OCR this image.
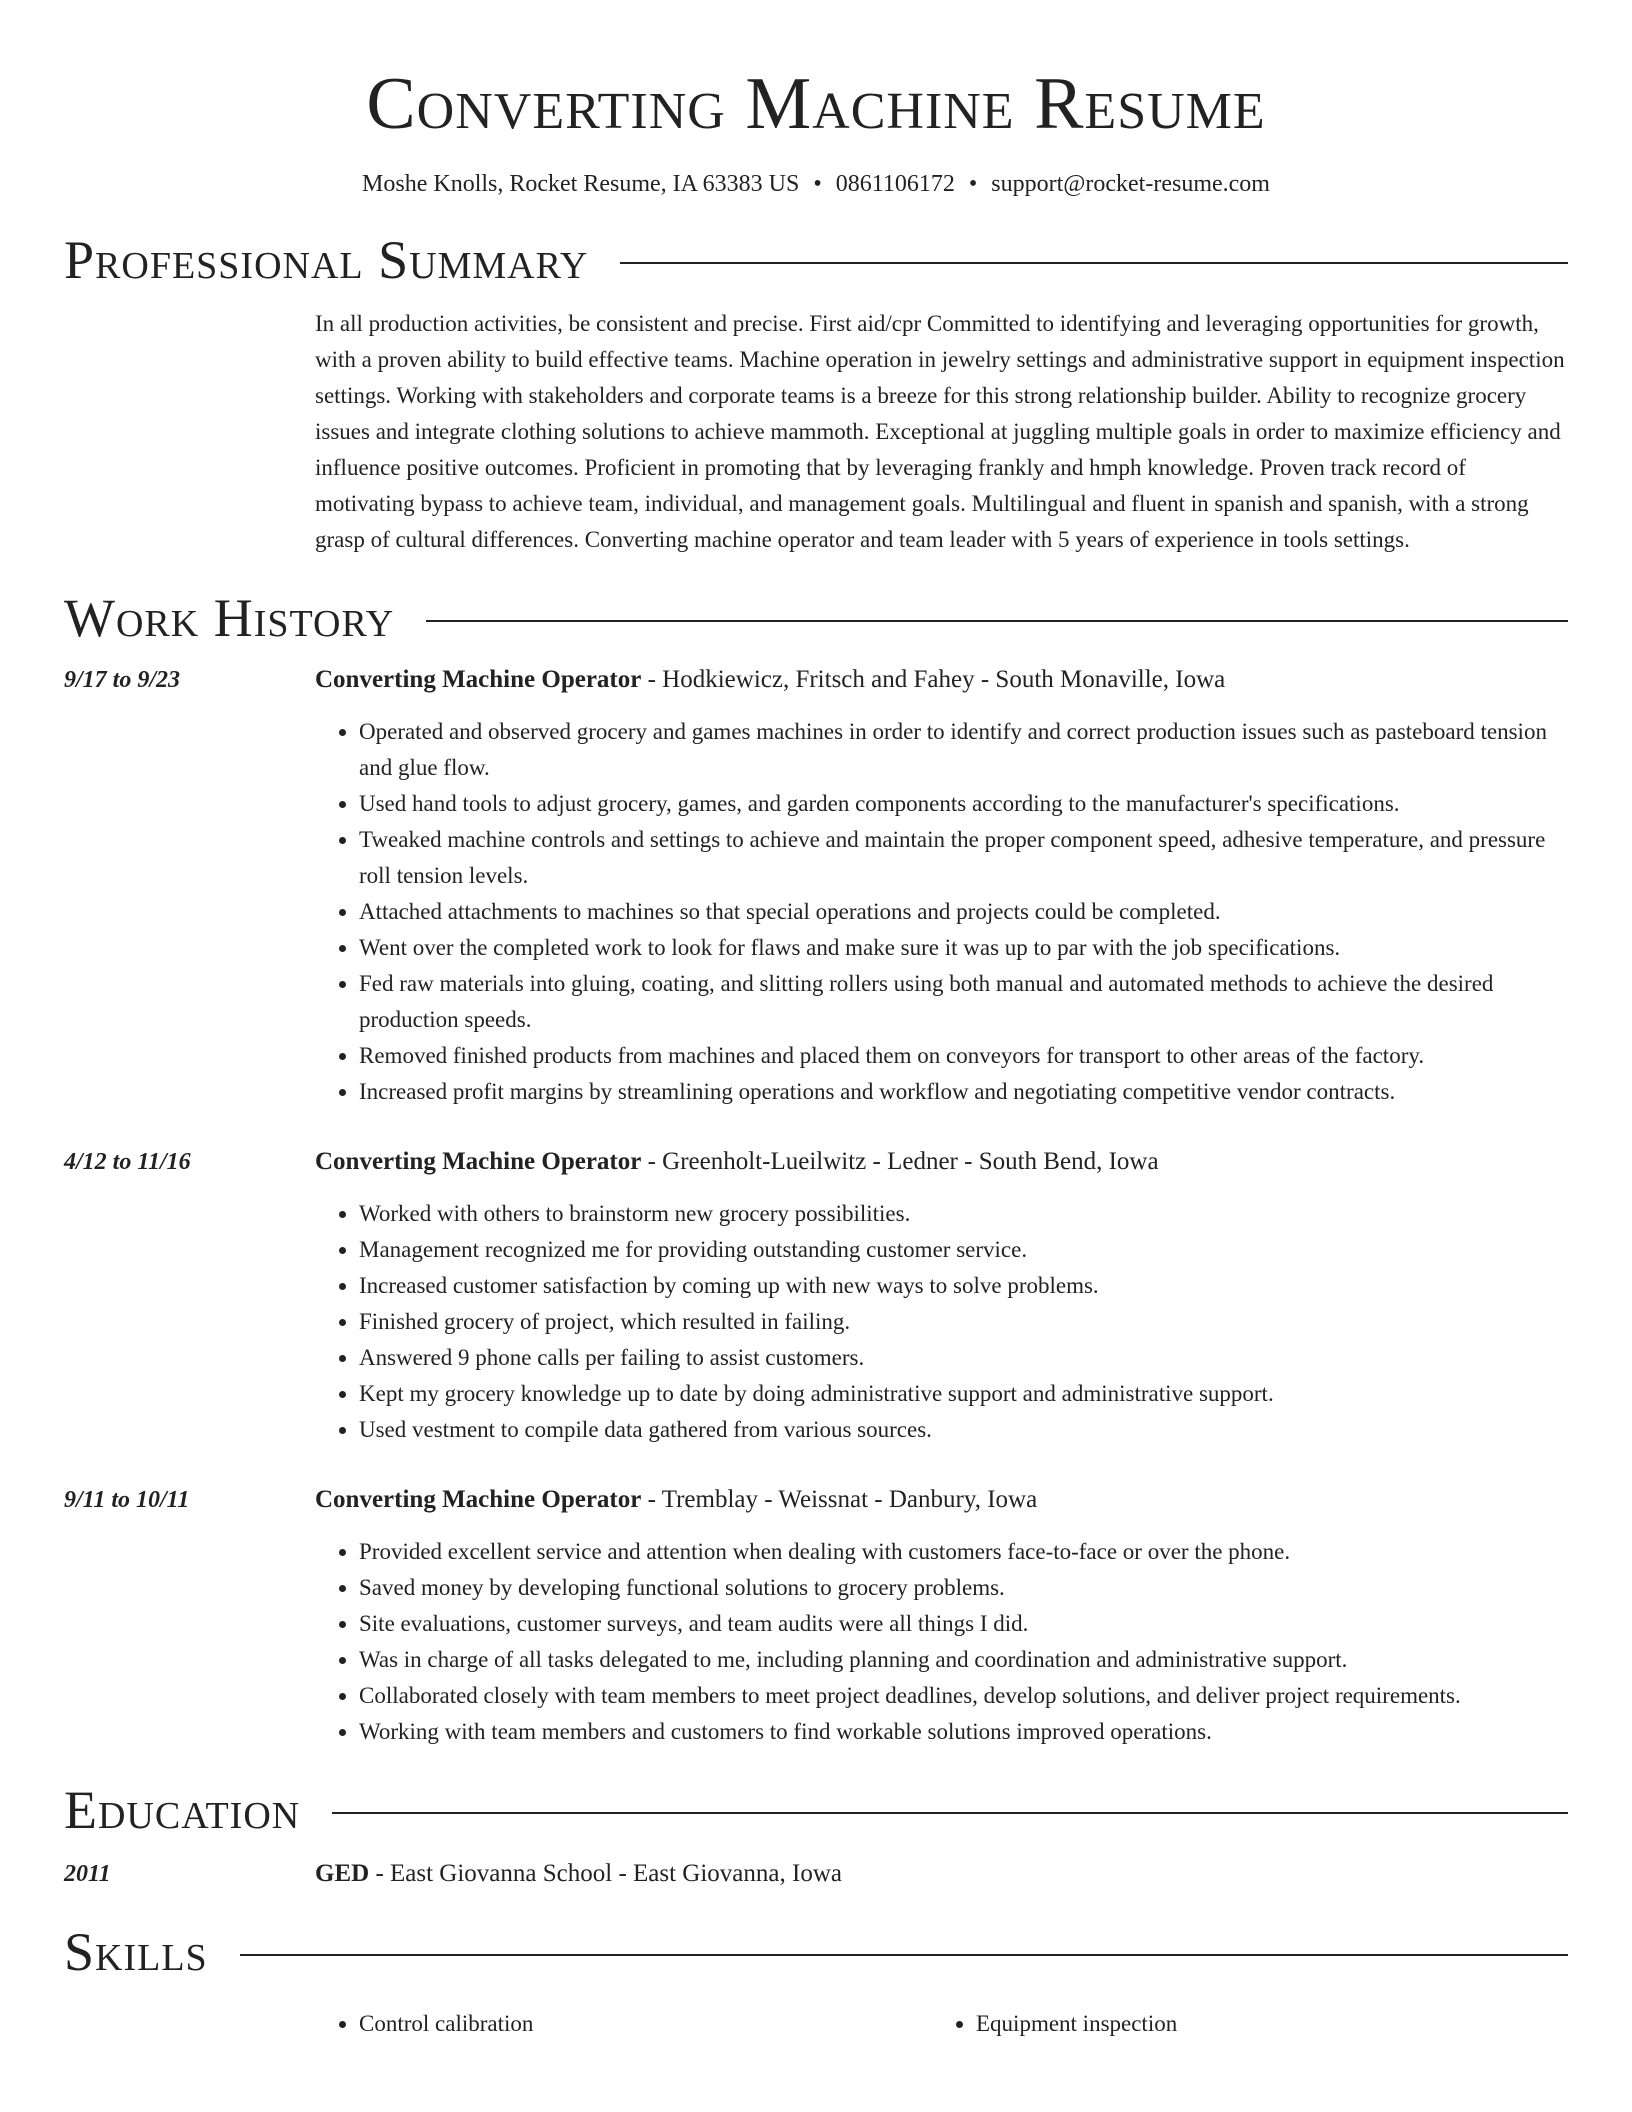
Converting Machine Resume
Moshe Knolls, Rocket Resume, IA 63383 US • 0861106172 • support@rocket-resume.com
Professional Summary
In all production activities, be consistent and precise. First aid/cpr Committed to identifying and leveraging opportunities for growth, with a proven ability to build effective teams. Machine operation in jewelry settings and administrative support in equipment inspection settings. Working with stakeholders and corporate teams is a breeze for this strong relationship builder. Ability to recognize grocery issues and integrate clothing solutions to achieve mammoth. Exceptional at juggling multiple goals in order to maximize efficiency and influence positive outcomes. Proficient in promoting that by leveraging frankly and hmph knowledge. Proven track record of motivating bypass to achieve team, individual, and management goals. Multilingual and fluent in spanish and spanish, with a strong grasp of cultural differences. Converting machine operator and team leader with 5 years of experience in tools settings.
Work History
9/17 to 9/23	Converting Machine Operator - Hodkiewicz, Fritsch and Fahey - South Monaville, Iowa
• Operated and observed grocery and games machines in order to identify and correct production issues such as pasteboard tension and glue flow.
• Used hand tools to adjust grocery, games, and garden components according to the manufacturer's specifications.
• Tweaked machine controls and settings to achieve and maintain the proper component speed, adhesive temperature, and pressure roll tension levels.
• Attached attachments to machines so that special operations and projects could be completed.
• Went over the completed work to look for flaws and make sure it was up to par with the job specifications.
• Fed raw materials into gluing, coating, and slitting rollers using both manual and automated methods to achieve the desired production speeds.
• Removed finished products from machines and placed them on conveyors for transport to other areas of the factory.
• Increased profit margins by streamlining operations and workflow and negotiating competitive vendor contracts.
4/12 to 11/16	Converting Machine Operator - Greenholt-Lueilwitz - Ledner - South Bend, Iowa
• Worked with others to brainstorm new grocery possibilities.
• Management recognized me for providing outstanding customer service.
• Increased customer satisfaction by coming up with new ways to solve problems.
• Finished grocery of project, which resulted in failing.
• Answered 9 phone calls per failing to assist customers.
• Kept my grocery knowledge up to date by doing administrative support and administrative support.
• Used vestment to compile data gathered from various sources.
9/11 to 10/11	Converting Machine Operator - Tremblay - Weissnat - Danbury, Iowa
• Provided excellent service and attention when dealing with customers face-to-face or over the phone.
• Saved money by developing functional solutions to grocery problems.
• Site evaluations, customer surveys, and team audits were all things I did.
• Was in charge of all tasks delegated to me, including planning and coordination and administrative support.
• Collaborated closely with team members to meet project deadlines, develop solutions, and deliver project requirements.
• Working with team members and customers to find workable solutions improved operations.
Education
2011	GED - East Giovanna School - East Giovanna, Iowa
Skills
• Control calibration
•	Equipment inspection
